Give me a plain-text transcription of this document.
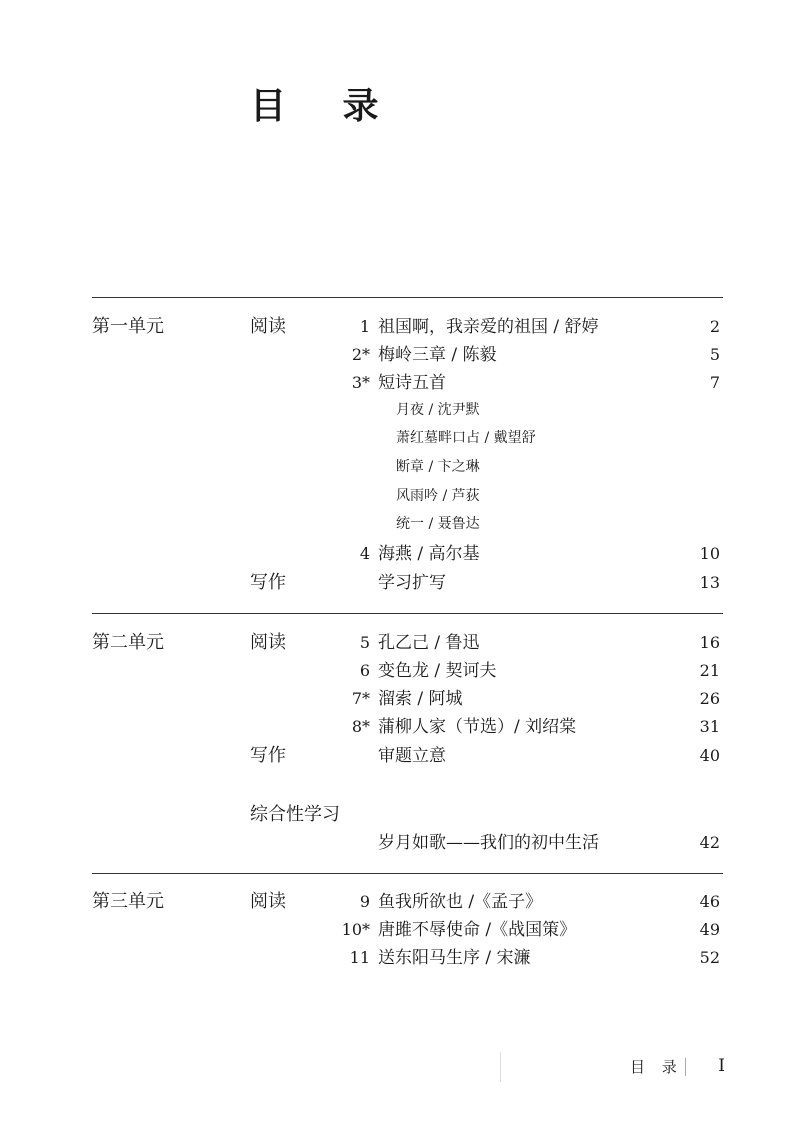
目 录
第一单元	阅读	1 祖国啊，我亲爱的祖国 / 舒婷	2
2* 梅岭三章 / 陈毅	5
3* 短诗五首	7
月夜 / 沈尹默
萧红墓畔口占 / 戴望舒
断章 / 卞之琳
风雨吟 / 芦荻
统一 / 聂鲁达
4 海燕 / 高尔基	10
写作	学习扩写	13
第二单元	阅读	5 孔乙己 / 鲁迅	16
6 变色龙 / 契诃夫	21
7* 溜索 / 阿城	26
8* 蒲柳人家（节选）/ 刘绍棠	31
写作	审题立意	40
综合性学习
岁月如歌——我们的初中生活	42
第三单元	阅读	9 鱼我所欲也 /《孟子》	46
10* 唐雎不辱使命 /《战国策》	49
11 送东阳马生序 / 宋濂	52
目 录	I
